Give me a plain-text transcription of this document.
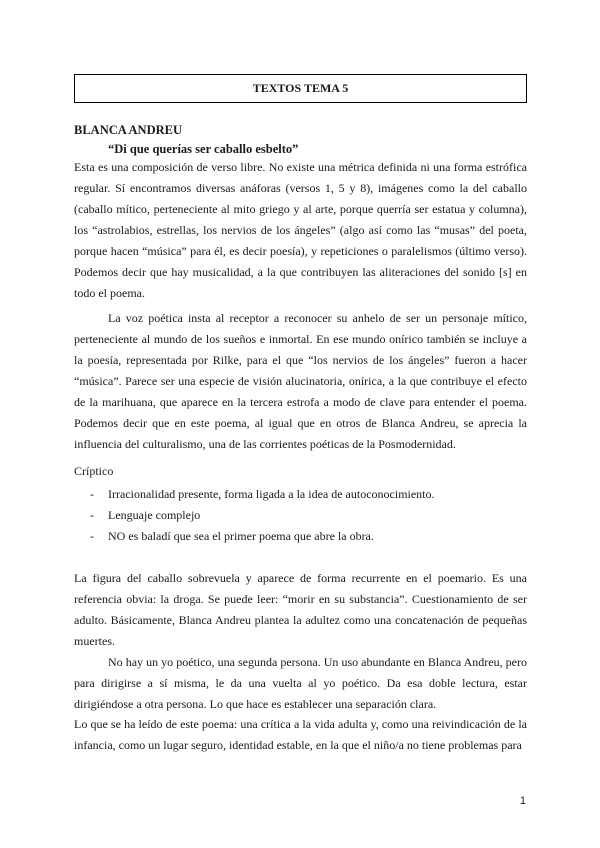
TEXTOS TEMA 5
BLANCA ANDREU
“Di que querías ser caballo esbelto”

Esta es una composición de verso libre. No existe una métrica definida ni una forma estrófica regular. Sí encontramos diversas anáforas (versos 1, 5 y 8), imágenes como la del caballo (caballo mítico, perteneciente al mito griego y al arte, porque querría ser estatua y columna), los “astrolabios, estrellas, los nervios de los ángeles” (algo así como las “musas” del poeta, porque hacen “música” para él, es decir poesía), y repeticiones o paralelismos (último verso). Podemos decir que hay musicalidad, a la que contribuyen las aliteraciones del sonido [s] en todo el poema.

La voz poética insta al receptor a reconocer su anhelo de ser un personaje mítico, perteneciente al mundo de los sueños e inmortal. En ese mundo onírico también se incluye a la poesía, representada por Rilke, para el que “los nervios de los ángeles” fueron a hacer “música”. Parece ser una especie de visión alucinatoria, onírica, a la que contribuye el efecto de la marihuana, que aparece en la tercera estrofa a modo de clave para entender el poema. Podemos decir que en este poema, al igual que en otros de Blanca Andreu, se aprecia la influencia del culturalismo, una de las corrientes poéticas de la Posmodernidad.

Críptico
-	Irracionalidad presente, forma ligada a la idea de autoconocimiento.
-	Lenguaje complejo
-	NO es baladí que sea el primer poema que abre la obra.

La figura del caballo sobrevuela y aparece de forma recurrente en el poemario. Es una referencia obvia: la droga. Se puede leer: “morir en su substancia”. Cuestionamiento de ser adulto. Básicamente, Blanca Andreu plantea la adultez como una concatenación de pequeñas muertes.

No hay un yo poético, una segunda persona. Un uso abundante en Blanca Andreu, pero para dirigirse a sí misma, le da una vuelta al yo poético. Da esa doble lectura, estar dirigiéndose a otra persona. Lo que hace es establecer una separación clara.

Lo que se ha leído de este poema: una crítica a la vida adulta y, como una reivindicación de la infancia, como un lugar seguro, identidad estable, en la que el niño/a no tiene problemas para

1
